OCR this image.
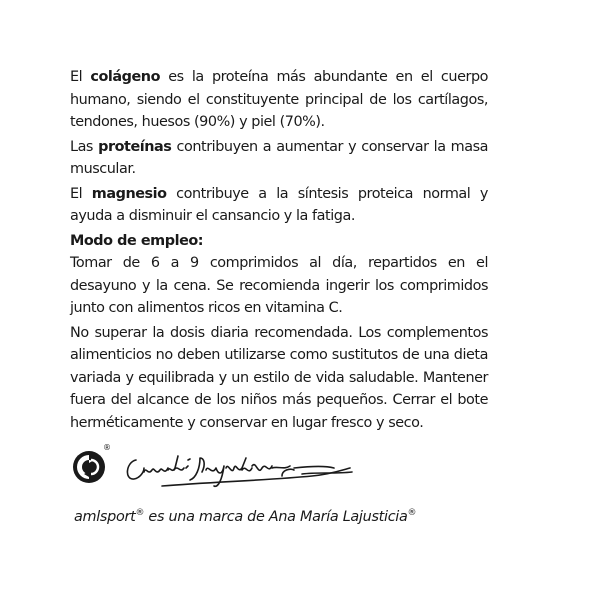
El colágeno es la proteína más abundante en el cuerpo humano, siendo el constituyente principal de los cartílagos, tendones, huesos (90%) y piel (70%).

Las proteínas contribuyen a aumentar y conservar la masa muscular.

El magnesio contribuye a la síntesis proteica normal y ayuda a disminuir el cansancio y la fatiga.

Modo de empleo:

Tomar de 6 a 9 comprimidos al día, repartidos en el desayuno y la cena. Se recomienda ingerir los comprimidos junto con alimentos ricos en vitamina C.

No superar la dosis diaria recomendada. Los complementos alimenticios no deben utilizarse como sustitutos de una dieta variada y equilibrada y un estilo de vida saludable. Mantener fuera del alcance de los niños más pequeños. Cerrar el bote herméticamente y conservar en lugar fresco y seco.

®
amlsport® es una marca de Ana María Lajusticia®
